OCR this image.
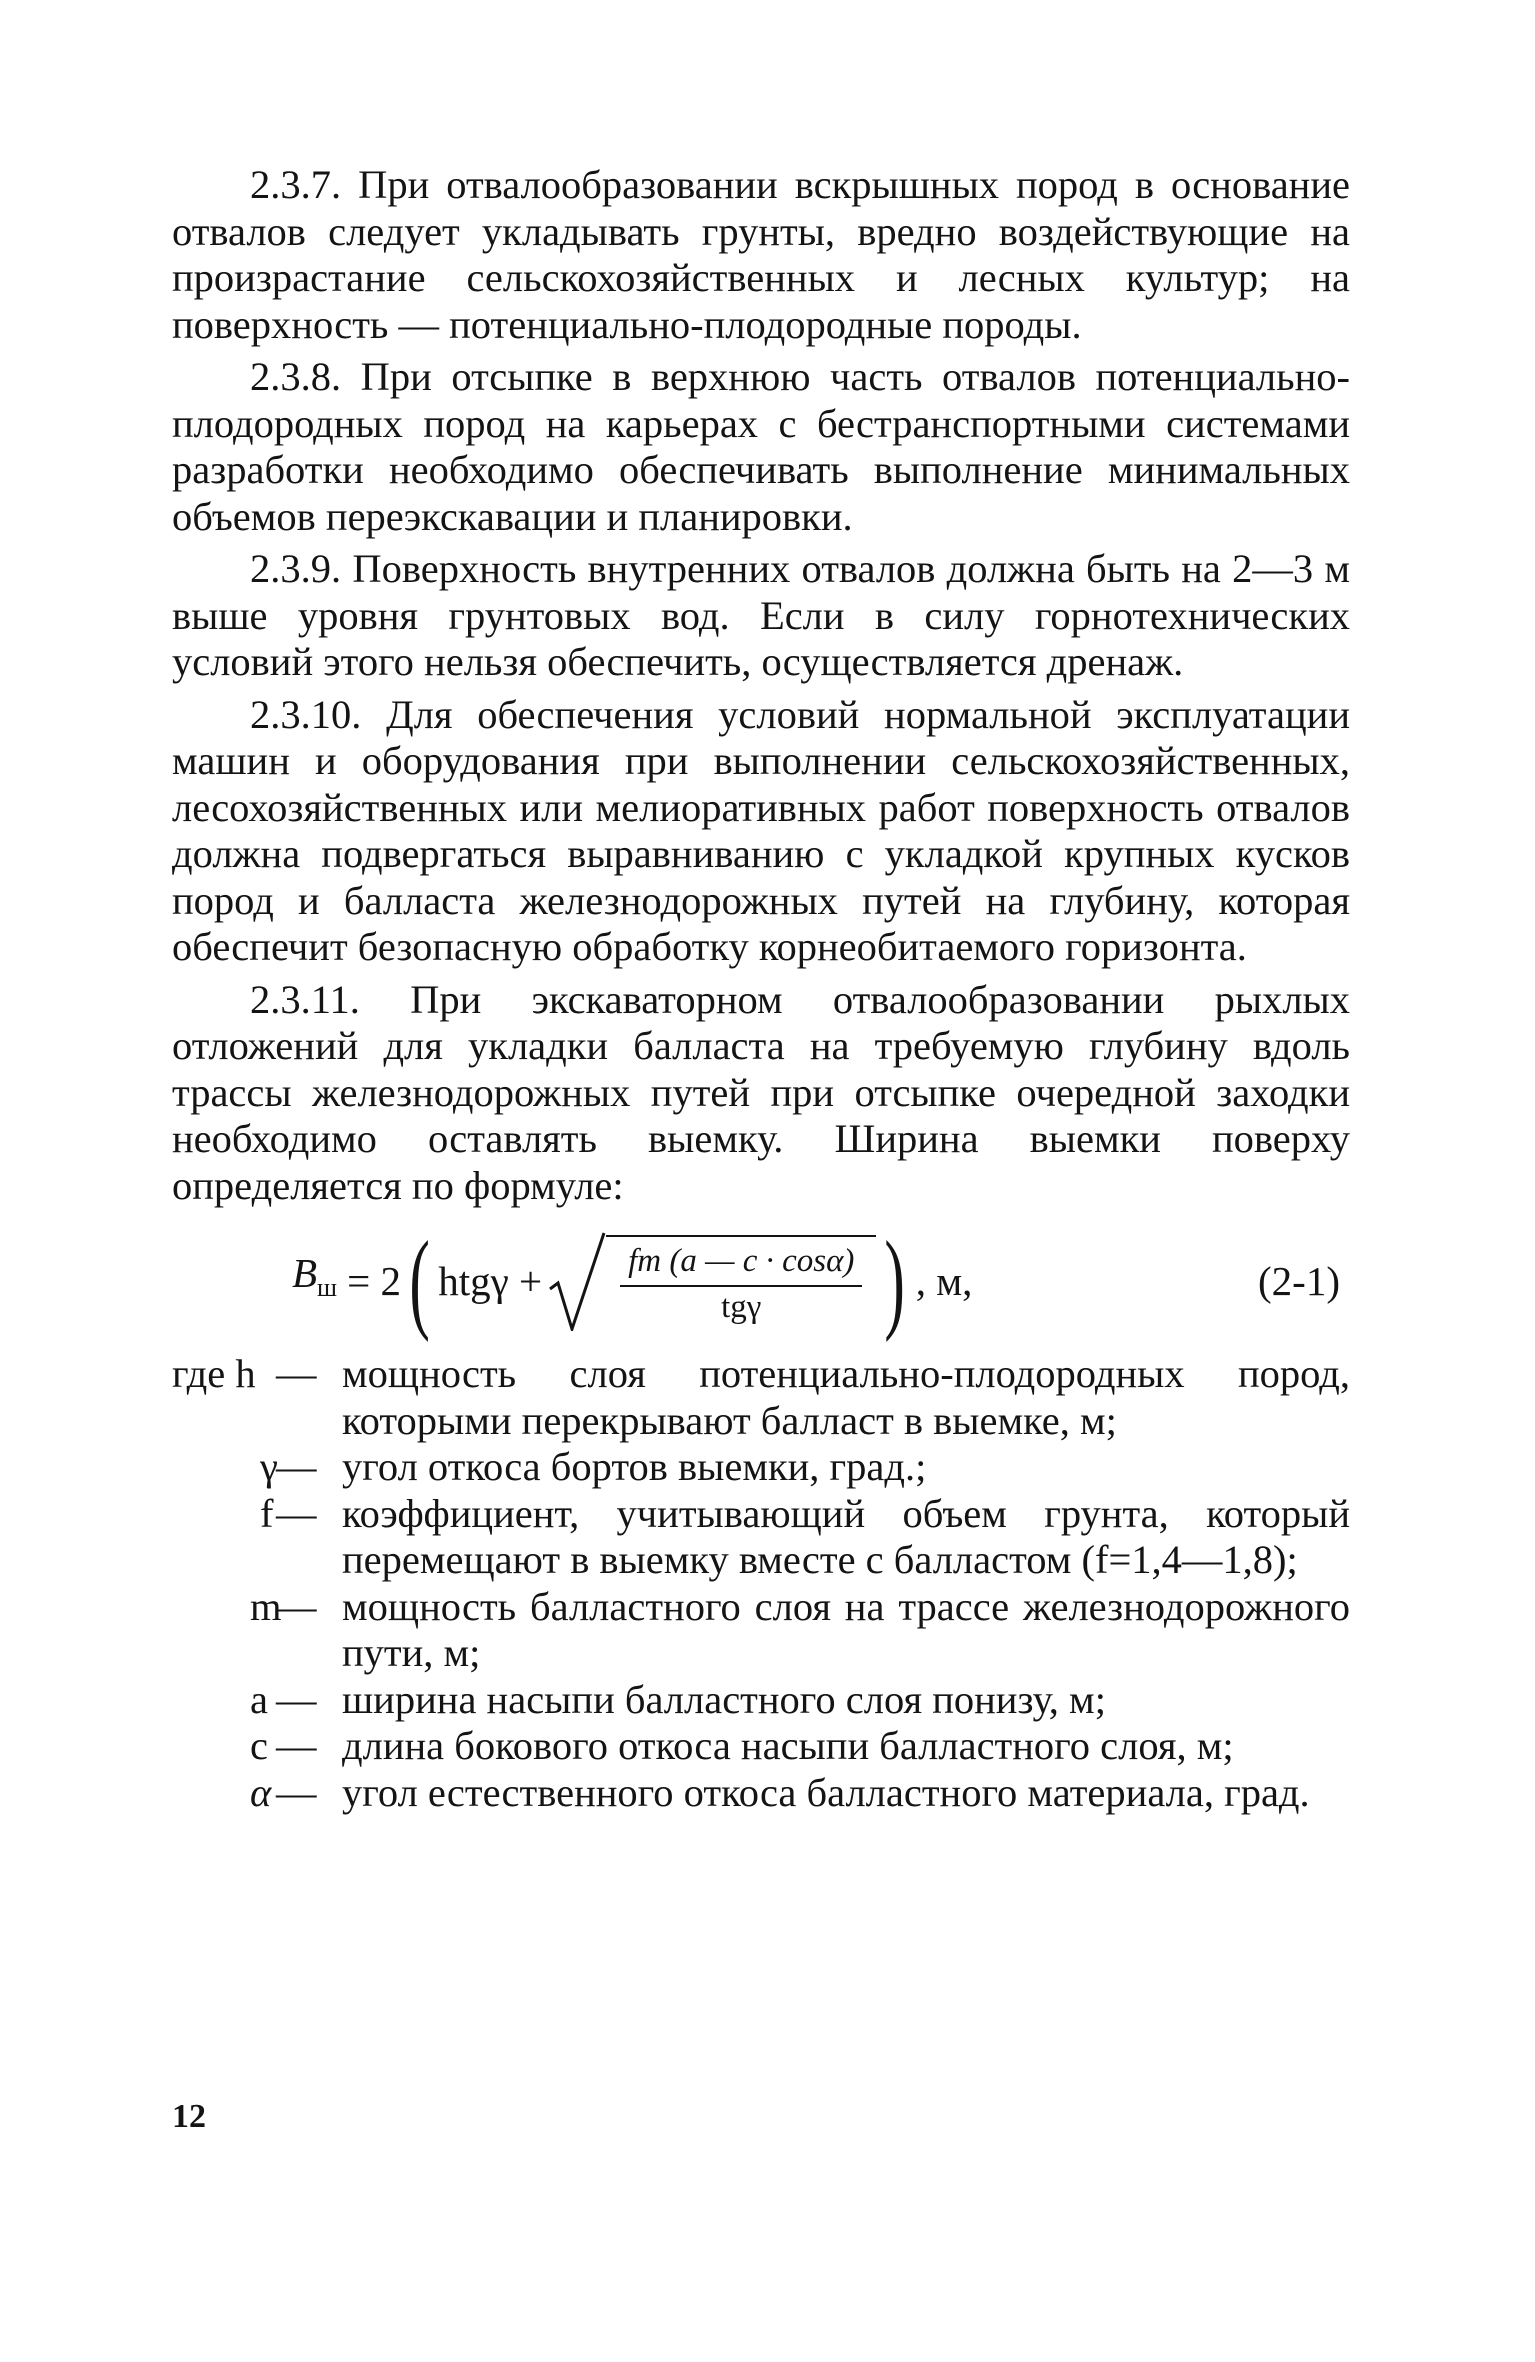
2.3.7. При отвалообразовании вскрышных пород в основание отвалов следует укладывать грунты, вредно воздействующие на произрастание сельскохозяйственных и лесных культур; на поверхность — потенциально-плодородные породы.

2.3.8. При отсыпке в верхнюю часть отвалов потенциально-плодородных пород на карьерах с бестранспортными системами разработки необходимо обеспечивать выполнение минимальных объемов переэкскавации и планировки.

2.3.9. Поверхность внутренних отвалов должна быть на 2—3 м выше уровня грунтовых вод. Если в силу горнотехнических условий этого нельзя обеспечить, осуществляется дренаж.

2.3.10. Для обеспечения условий нормальной эксплуатации машин и оборудования при выполнении сельскохозяйственных, лесохозяйственных или мелиоративных работ поверхность отвалов должна подвергаться выравниванию с укладкой крупных кусков пород и балласта железнодорожных путей на глубину, которая обеспечит безопасную обработку корнеобитаемого горизонта.

2.3.11. При экскаваторном отвалообразовании рыхлых отложений для укладки балласта на требуемую глубину вдоль трассы железнодорожных путей при отсыпке очередной заходки необходимо оставлять выемку. Ширина выемки поверху определяется по формуле:

$B_ш = 2$ ( $htg\gamma + \frac{fm (a — c \cdot \cos\alpha)}{\text{tgγ}}$ ) , м,	(2-1)
где h — мощность слоя потенциально-плодородных пород, которыми перекрывают балласт в выемке, м;
γ
— угол откоса бортов выемки, град.;
f — коэффициент, учитывающий объем грунта, который перемещают в выемку вместе с балластом (f=1,4—1,8);
m
— мощность балластного слоя на трассе железнодорожного пути, м;
a — ширина насыпи балластного слоя понизу, м;
c — длина бокового откоса насыпи балластного слоя, м;
α — угол естественного откоса балластного материала, град.
12
